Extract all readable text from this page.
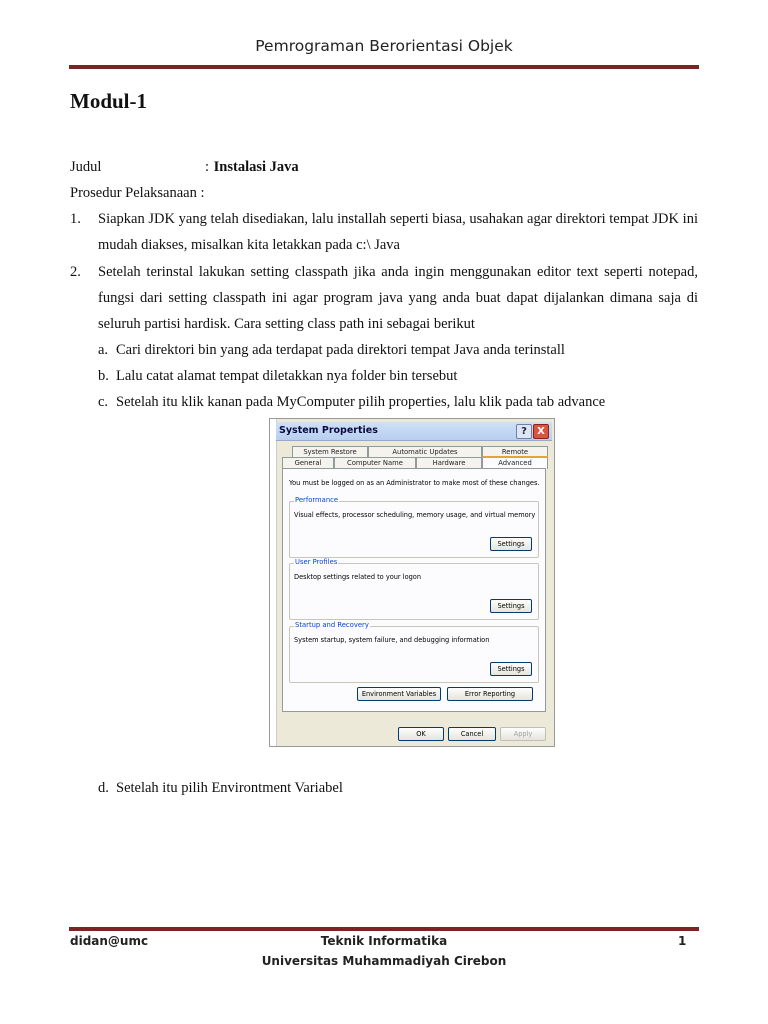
Pemrograman Berorientasi Objek
Modul-1
Judul	: Instalasi Java
Prosedur Pelaksanaan :
1. Siapkan JDK yang telah disediakan, lalu installah seperti biasa, usahakan agar direktori tempat JDK ini mudah diakses, misalkan kita letakkan pada c:\ Java
2. Setelah terinstal lakukan setting classpath jika anda ingin menggunakan editor text seperti notepad, fungsi dari setting classpath ini agar program java yang anda buat dapat dijalankan dimana saja di seluruh partisi hardisk. Cara setting class path ini sebagai berikut
a. Cari direktori bin yang ada terdapat pada direktori tempat Java anda terinstall
b. Lalu catat alamat tempat diletakkan nya folder bin tersebut
c. Setelah itu klik kanan pada MyComputer pilih properties, lalu klik pada tab advance
System Properties	?	X
System Restore	Automatic Updates	Remote
General	Computer Name	Hardware	Advanced
You must be logged on as an Administrator to make most of these changes.
Performance
Visual effects, processor scheduling, memory usage, and virtual memory
Settings
User Profiles
Desktop settings related to your logon
Settings
Startup and Recovery
System startup, system failure, and debugging information
Settings
Environment Variables	Error Reporting
OK	Cancel	Apply
d. Setelah itu pilih Environtment Variabel
didan@umc	Teknik Informatika	1
Universitas Muhammadiyah Cirebon
